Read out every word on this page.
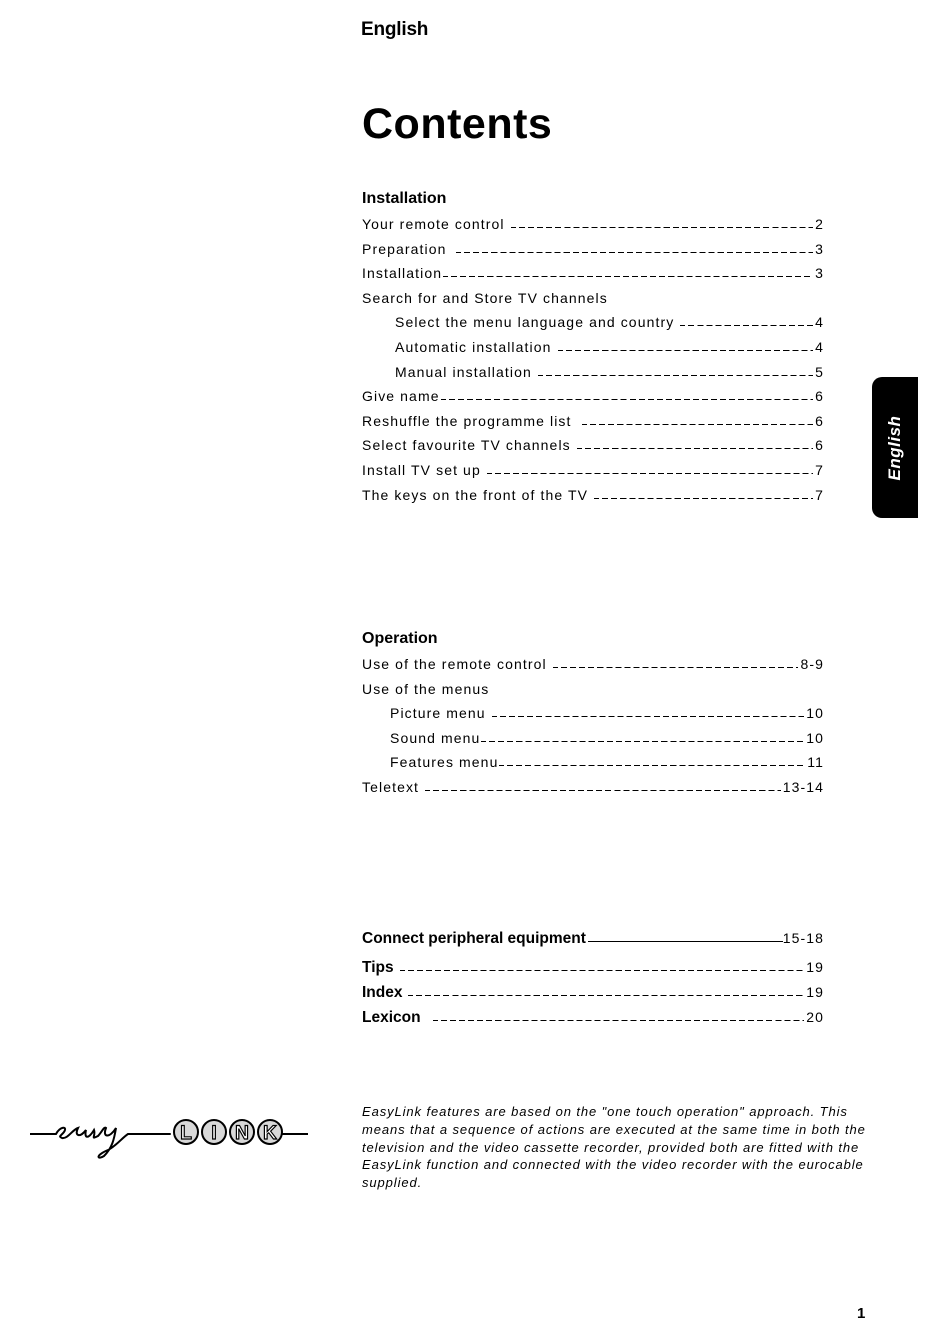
English
Contents
Installation
Your remote control	2
Preparation	3
Installation	3
Search for and Store TV channels
Select the menu language and country	4
Automatic installation	4
Manual installation	5
Give name	6
Reshuffle the programme list	6
Select favourite TV channels	6
Install TV set up	7
The keys on the front of the TV	7
English
Operation
Use of the remote control	8-9
Use of the menus
Picture menu	10
Sound menu	10
Features menu	11
Teletext	13-14
Connect peripheral equipment	15-18
Tips	19
Index	19
Lexicon	20
L I N K

EasyLink features are based on the "one touch operation" approach. This means that a sequence of actions are executed at the same time in both the television and the video cassette recorder, provided both are fitted with the EasyLink function and connected with the video recorder with the eurocable supplied.

1
